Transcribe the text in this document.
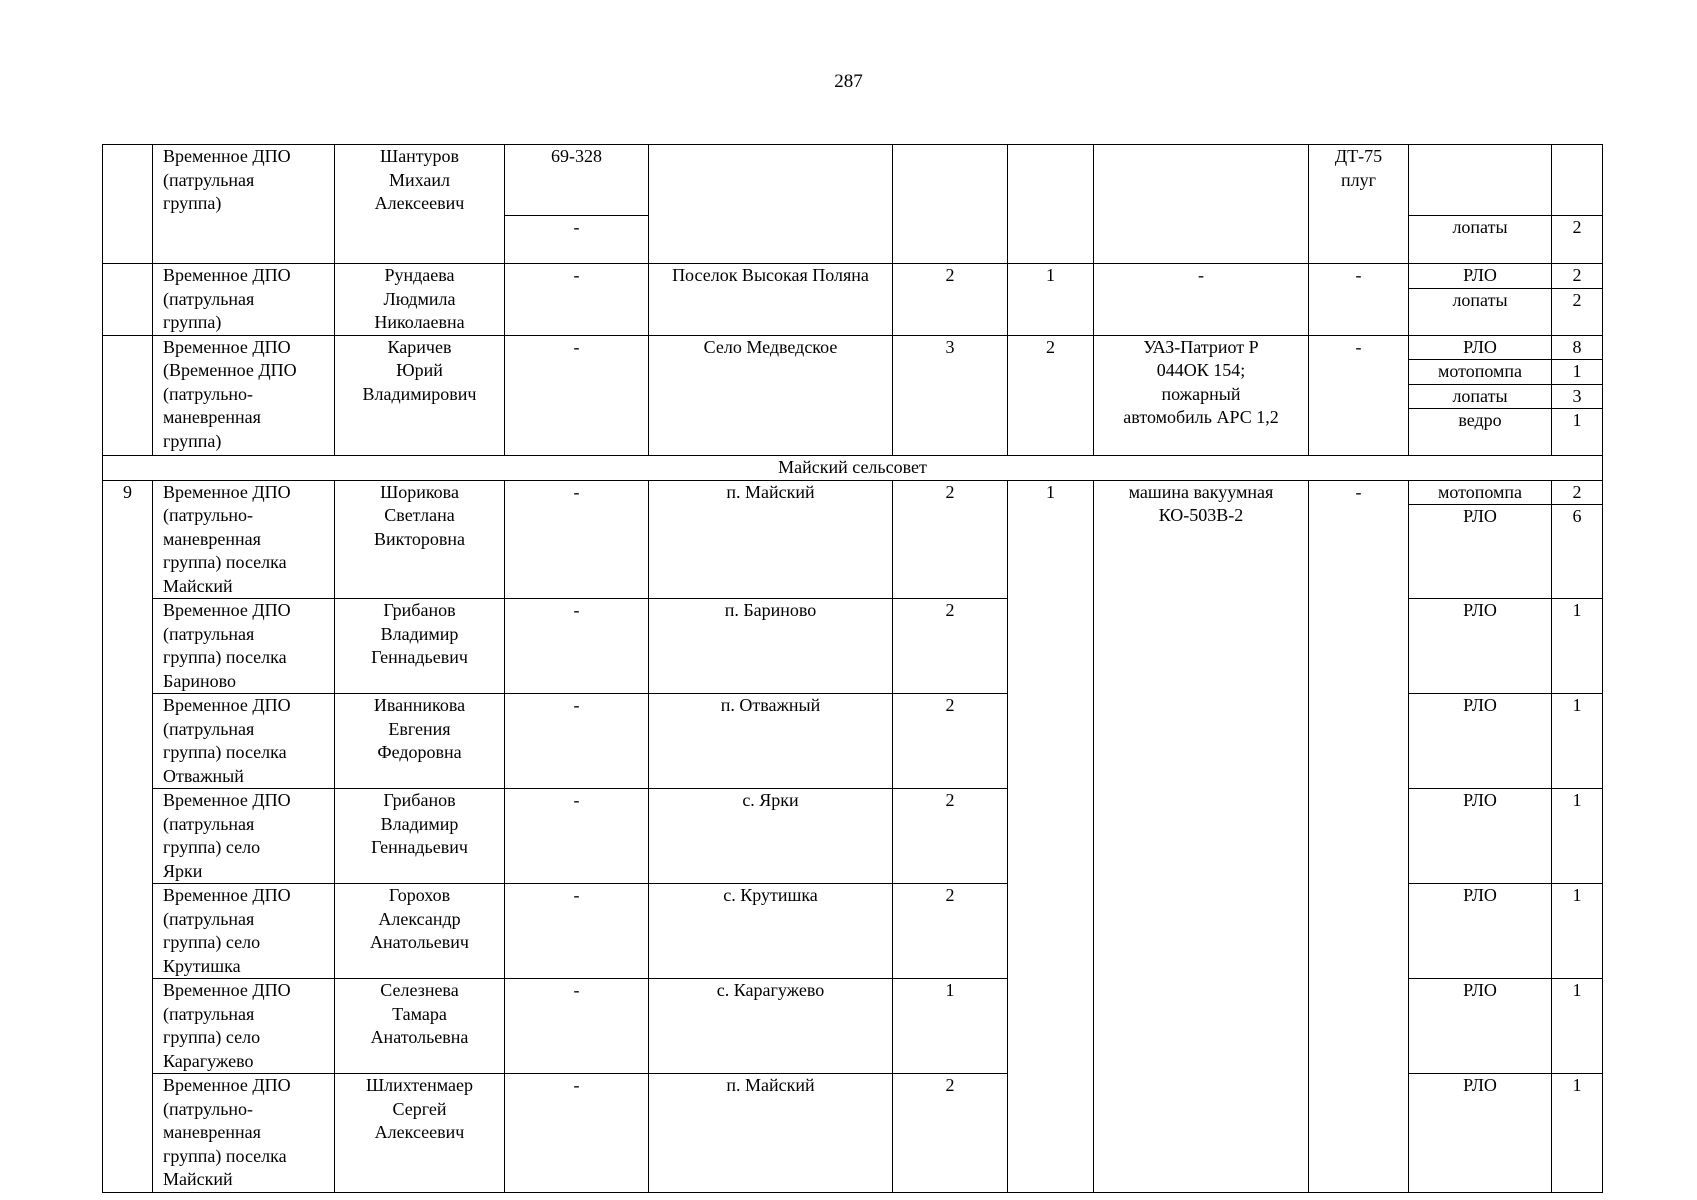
287
	Временное ДПО
(патрульная
группа)	Шантуров
Михаил
Алексеевич	69-328					ДТ-75
плуг		
			-						лопаты	2
	Временное ДПО
(патрульная
группа)	Рундаева
Людмила
Николаевна	-	Поселок Высокая Поляна	2	1	-	-	РЛО	2
									лопаты	2
	Временное ДПО
(Временное ДПО
(патрульно-
маневренная
группа)	Каричев
Юрий
Владимирович	-	Село Медведское	3	2	УАЗ-Патриот Р
044ОК 154;
пожарный
автомобиль АРС 1,2	-	РЛО	8
									мотопомпа	1
									лопаты	3
									ведро	1
Майский сельсовет										
9	Временное ДПО
(патрульно-
маневренная
группа) поселка
Майский	Шорикова
Светлана
Викторовна	-	п. Майский	2	1	машина вакуумная
КО-503В-2	-	мотопомпа	2
									РЛО	6
	Временное ДПО
(патрульная
группа) поселка
Бариново	Грибанов
Владимир
Геннадьевич	-	п. Бариново	2				РЛО	1
	Временное ДПО
(патрульная
группа) поселка
Отважный	Иванникова
Евгения
Федоровна	-	п. Отважный	2				РЛО	1
	Временное ДПО
(патрульная
группа) село
Ярки	Грибанов
Владимир
Геннадьевич	-	с. Ярки	2				РЛО	1
	Временное ДПО
(патрульная
группа) село
Крутишка	Горохов
Александр
Анатольевич	-	с. Крутишка	2				РЛО	1
	Временное ДПО
(патрульная
группа) село
Карагужево	Селезнева
Тамара
Анатольевна	-	с. Карагужево	1				РЛО	1
	Временное ДПО
(патрульно-
маневренная
группа) поселка
Майский	Шлихтенмаер
Сергей
Алексеевич	-	п. Майский	2				РЛО	1
